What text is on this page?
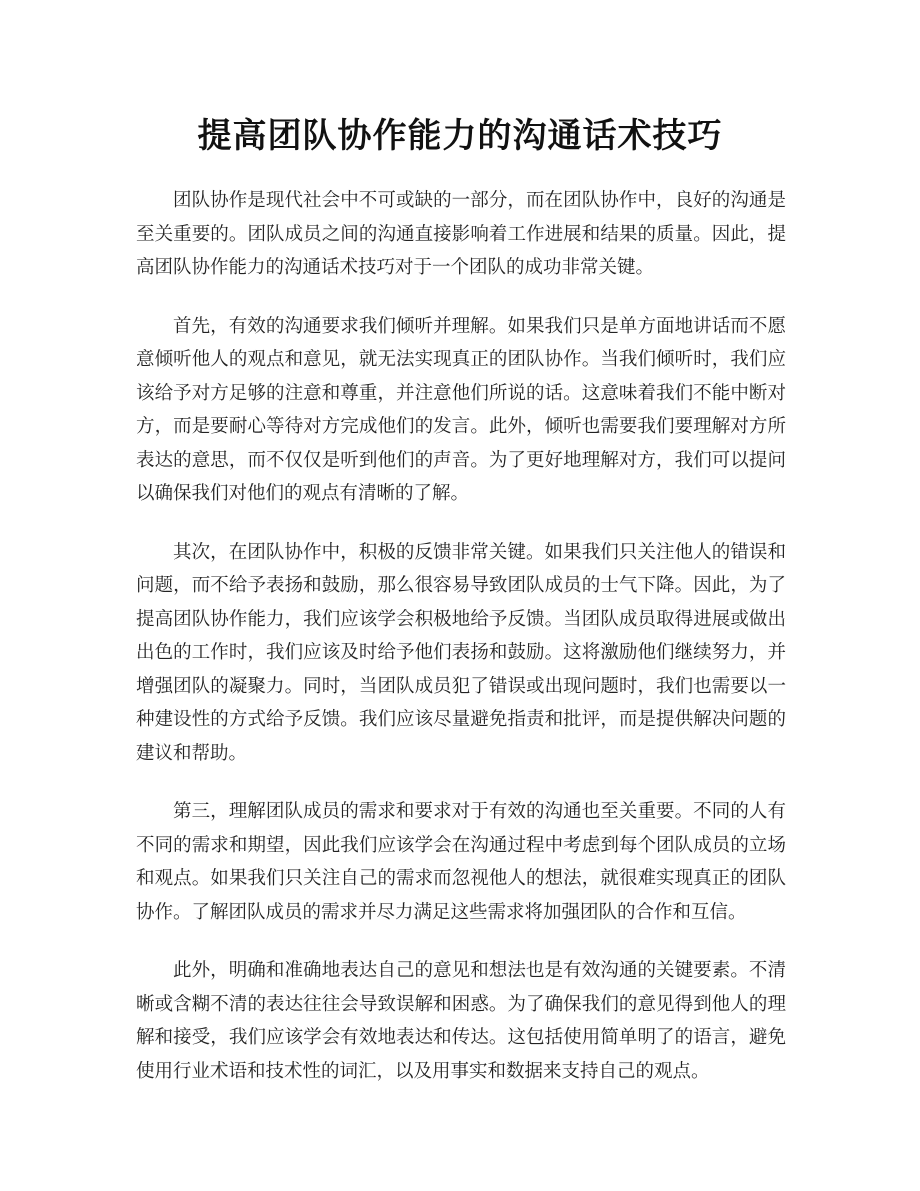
提高团队协作能力的沟通话术技巧

团队协作是现代社会中不可或缺的一部分，而在团队协作中，良好的沟通是至关重要的。团队成员之间的沟通直接影响着工作进展和结果的质量。因此，提高团队协作能力的沟通话术技巧对于一个团队的成功非常关键。

首先，有效的沟通要求我们倾听并理解。如果我们只是单方面地讲话而不愿意倾听他人的观点和意见，就无法实现真正的团队协作。当我们倾听时，我们应该给予对方足够的注意和尊重，并注意他们所说的话。这意味着我们不能中断对方，而是要耐心等待对方完成他们的发言。此外，倾听也需要我们要理解对方所表达的意思，而不仅仅是听到他们的声音。为了更好地理解对方，我们可以提问以确保我们对他们的观点有清晰的了解。

其次，在团队协作中，积极的反馈非常关键。如果我们只关注他人的错误和问题，而不给予表扬和鼓励，那么很容易导致团队成员的士气下降。因此，为了提高团队协作能力，我们应该学会积极地给予反馈。当团队成员取得进展或做出出色的工作时，我们应该及时给予他们表扬和鼓励。这将激励他们继续努力，并增强团队的凝聚力。同时，当团队成员犯了错误或出现问题时，我们也需要以一种建设性的方式给予反馈。我们应该尽量避免指责和批评，而是提供解决问题的建议和帮助。

第三，理解团队成员的需求和要求对于有效的沟通也至关重要。不同的人有不同的需求和期望，因此我们应该学会在沟通过程中考虑到每个团队成员的立场和观点。如果我们只关注自己的需求而忽视他人的想法，就很难实现真正的团队协作。了解团队成员的需求并尽力满足这些需求将加强团队的合作和互信。

此外，明确和准确地表达自己的意见和想法也是有效沟通的关键要素。不清晰或含糊不清的表达往往会导致误解和困惑。为了确保我们的意见得到他人的理解和接受，我们应该学会有效地表达和传达。这包括使用简单明了的语言，避免使用行业术语和技术性的词汇，以及用事实和数据来支持自己的观点。
